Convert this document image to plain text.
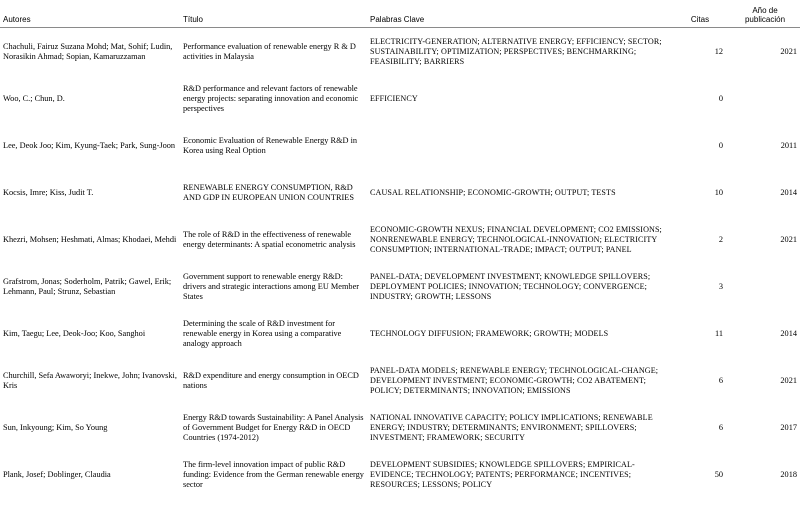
Autores	Título	Palabras Clave	Citas	Año de publicación
Chachuli, Fairuz Suzana Mohd; Mat, Sohif; Ludin, Norasikin Ahmad; Sopian, Kamaruzzaman	Performance evaluation of renewable energy R & D activities in Malaysia	ELECTRICITY-GENERATION; ALTERNATIVE ENERGY; EFFICIENCY; SECTOR; SUSTAINABILITY; OPTIMIZATION; PERSPECTIVES; BENCHMARKING; FEASIBILITY; BARRIERS	12	2021
Woo, C.; Chun, D.	R&D performance and relevant factors of renewable energy projects: separating innovation and economic perspectives	EFFICIENCY	0	
Lee, Deok Joo; Kim, Kyung-Taek; Park, Sung-Joon	Economic Evaluation of Renewable Energy R&D in Korea using Real Option		0	2011
Kocsis, Imre; Kiss, Judit T.	RENEWABLE ENERGY CONSUMPTION, R&D AND GDP IN EUROPEAN UNION COUNTRIES	CAUSAL RELATIONSHIP; ECONOMIC-GROWTH; OUTPUT; TESTS	10	2014
Khezri, Mohsen; Heshmati, Almas; Khodaei, Mehdi	The role of R&D in the effectiveness of renewable energy determinants: A spatial econometric analysis	ECONOMIC-GROWTH NEXUS; FINANCIAL DEVELOPMENT; CO2 EMISSIONS; NONRENEWABLE ENERGY; TECHNOLOGICAL-INNOVATION; ELECTRICITY CONSUMPTION; INTERNATIONAL-TRADE; IMPACT; OUTPUT; PANEL	2	2021
Grafstrom, Jonas; Soderholm, Patrik; Gawel, Erik; Lehmann, Paul; Strunz, Sebastian	Government support to renewable energy R&D: drivers and strategic interactions among EU Member States	PANEL-DATA; DEVELOPMENT INVESTMENT; KNOWLEDGE SPILLOVERS; DEPLOYMENT POLICIES; INNOVATION; TECHNOLOGY; CONVERGENCE; INDUSTRY; GROWTH; LESSONS	3	
Kim, Taegu; Lee, Deok-Joo; Koo, Sanghoi	Determining the scale of R&D investment for renewable energy in Korea using a comparative analogy approach	TECHNOLOGY DIFFUSION; FRAMEWORK; GROWTH; MODELS	11	2014
Churchill, Sefa Awaworyi; Inekwe, John; Ivanovski, Kris	R&D expenditure and energy consumption in OECD nations	PANEL-DATA MODELS; RENEWABLE ENERGY; TECHNOLOGICAL-CHANGE; DEVELOPMENT INVESTMENT; ECONOMIC-GROWTH; CO2 ABATEMENT; POLICY; DETERMINANTS; INNOVATION; EMISSIONS	6	2021
Sun, Inkyoung; Kim, So Young	Energy R&D towards Sustainability: A Panel Analysis of Government Budget for Energy R&D in OECD Countries (1974-2012)	NATIONAL INNOVATIVE CAPACITY; POLICY IMPLICATIONS; RENEWABLE ENERGY; INDUSTRY; DETERMINANTS; ENVIRONMENT; SPILLOVERS; INVESTMENT; FRAMEWORK; SECURITY	6	2017
Plank, Josef; Doblinger, Claudia	The firm-level innovation impact of public R&D funding: Evidence from the German renewable energy sector	DEVELOPMENT SUBSIDIES; KNOWLEDGE SPILLOVERS; EMPIRICAL-EVIDENCE; TECHNOLOGY; PATENTS; PERFORMANCE; INCENTIVES; RESOURCES; LESSONS; POLICY	50	2018
